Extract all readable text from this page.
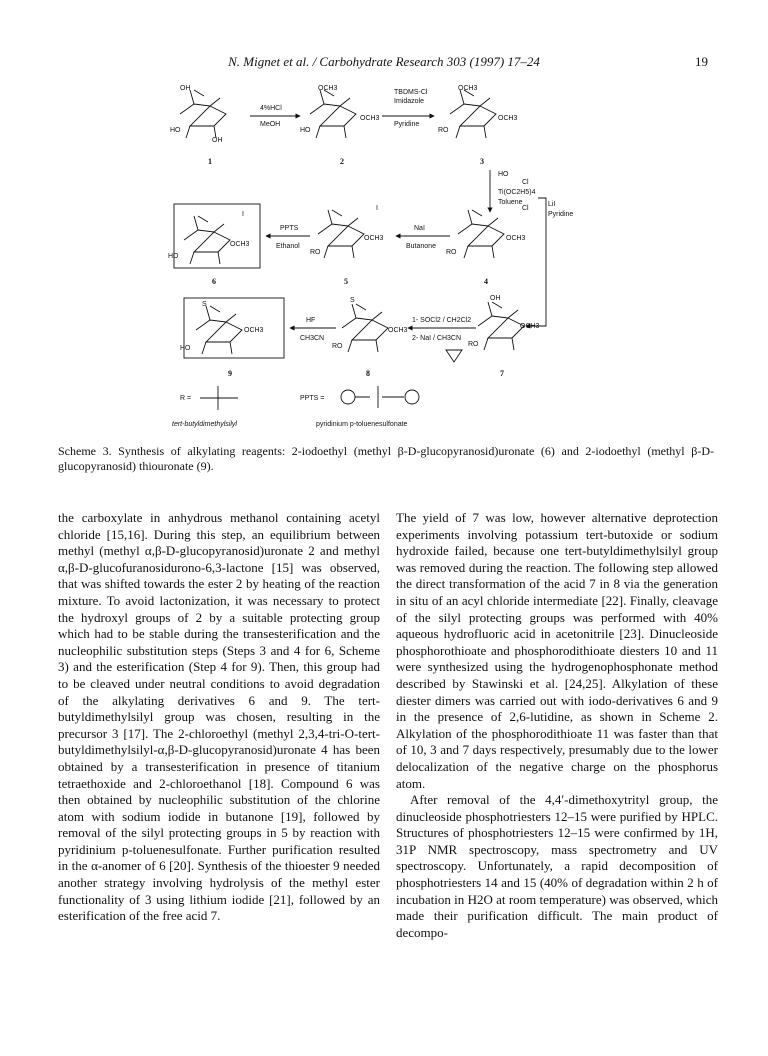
N. Mignet et al. / Carbohydrate Research 303 (1997) 17–24	19
OH
HO
OH
1
4%HCl
MeOH
OCH3
HO
OCH3
2
TBDMS-Cl
Imidazole
Pyridine
OCH3
RO
OCH3
3
HO
Cl
Ti(OC2H5)4
Toluene
HO
OCH3
I
6
PPTS
Ethanol
RO
OCH3
I
5
NaI
Butanone
RO
OCH3
Cl
4
LiI
Pyridine
S
HO
OCH3
9
HF
CH3CN
S
RO
OCH3
8
1- SOCl2 / CH2Cl2
2- NaI / CH3CN
OH
RO
OCH3
7
R =
tert-butyldimethylsilyl
PPTS =
pyridinium p-toluenesulfonate
Scheme 3. Synthesis of alkylating reagents: 2-iodoethyl (methyl β-D-glucopyranosid)uronate (6) and 2-iodoethyl (methyl β-D-glucopyranosid) thiouronate (9).

the carboxylate in anhydrous methanol containing acetyl chloride [15,16]. During this step, an equilibrium between methyl (methyl α,β-D-glucopyranosid)uronate 2 and methyl α,β-D-glucofuranosidurono-6,3-lactone [15] was observed, that was shifted towards the ester 2 by heating of the reaction mixture. To avoid lactonization, it was necessary to protect the hydroxyl groups of 2 by a suitable protecting group which had to be stable during the transesterification and the nucleophilic substitution steps (Steps 3 and 4 for 6, Scheme 3) and the esterification (Step 4 for 9). Then, this group had to be cleaved under neutral conditions to avoid degradation of the alkylating derivatives 6 and 9. The tert-butyldimethylsilyl group was chosen, resulting in the precursor 3 [17]. The 2-chloroethyl (methyl 2,3,4-tri-O-tert-butyldimethylsilyl-α,β-D-glucopyranosid)uronate 4 has been obtained by a transesterification in presence of titanium tetraethoxide and 2-chloroethanol [18]. Compound 6 was then obtained by nucleophilic substitution of the chlorine atom with sodium iodide in butanone [19], followed by removal of the silyl protecting groups in 5 by reaction with pyridinium p-toluenesulfonate. Further purification resulted in the α-anomer of 6 [20]. Synthesis of the thioester 9 needed another strategy involving hydrolysis of the methyl ester functionality of 3 using lithium iodide [21], followed by an esterification of the free acid 7.

The yield of 7 was low, however alternative deprotection experiments involving potassium tert-butoxide or sodium hydroxide failed, because one tert-butyldimethylsilyl group was removed during the reaction. The following step allowed the direct transformation of the acid 7 in 8 via the generation in situ of an acyl chloride intermediate [22]. Finally, cleavage of the silyl protecting groups was performed with 40% aqueous hydrofluoric acid in acetonitrile [23]. Dinucleoside phosphorothioate and phosphorodithioate diesters 10 and 11 were synthesized using the hydrogenophosphonate method described by Stawinski et al. [24,25]. Alkylation of these diester dimers was carried out with iodo-derivatives 6 and 9 in the presence of 2,6-lutidine, as shown in Scheme 2. Alkylation of the phosphorodithioate 11 was faster than that of 10, 3 and 7 days respectively, presumably due to the lower delocalization of the negative charge on the phosphorus atom.

After removal of the 4,4′-dimethoxytrityl group, the dinucleoside phosphotriesters 12–15 were purified by HPLC. Structures of phosphotriesters 12–15 were confirmed by 1H, 31P NMR spectroscopy, mass spectrometry and UV spectroscopy. Unfortunately, a rapid decomposition of phosphotriesters 14 and 15 (40% of degradation within 2 h of incubation in H2O at room temperature) was observed, which made their purification difficult. The main product of decompo-
